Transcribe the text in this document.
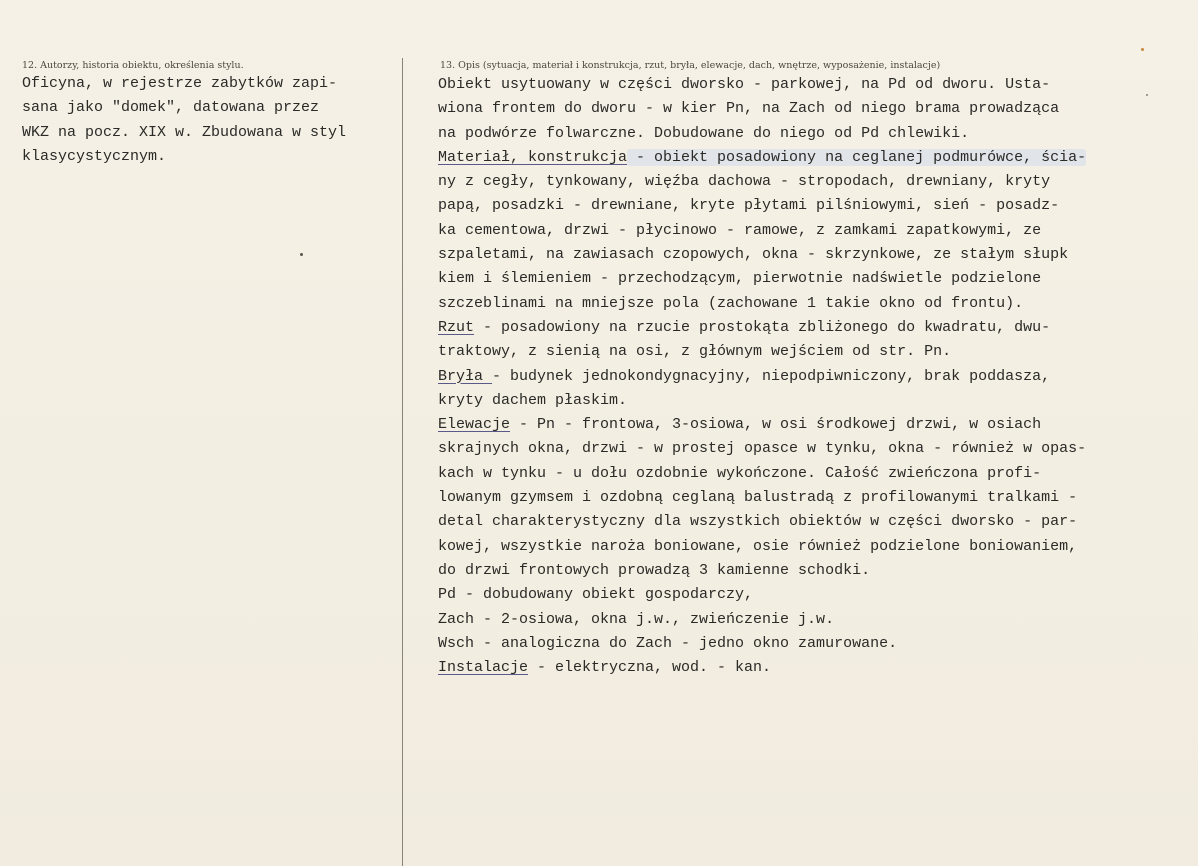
12. Autorzy, historia obiektu, określenia stylu.	13. Opis (sytuacja, materiał i konstrukcja, rzut, bryła, elewacje, dach, wnętrze, wyposażenie, instalacje)
Oficyna, w rejestrze zabytków zapi-
sana jako "domek", datowana przez
WKZ na pocz. XIX w. Zbudowana w styl
klasycystycznym.
Obiekt usytuowany w części dworsko - parkowej, na Pd od dworu. Usta-
wiona frontem do dworu - w kier Pn, na Zach od niego brama prowadząca
na podwórze folwarczne. Dobudowane do niego od Pd chlewiki.
Materiał, konstrukcja - obiekt posadowiony na ceglanej podmurówce, ścia-
ny z cegły, tynkowany, więźba dachowa - stropodach, drewniany, kryty
papą, posadzki - drewniane, kryte płytami pilśniowymi, sień - posadz-
ka cementowa, drzwi - płycinowo - ramowe, z zamkami zapatkowymi, ze
szpaletami, na zawiasach czopowych, okna - skrzynkowe, ze stałym słupk
kiem i ślemieniem - przechodzącym, pierwotnie nadświetle podzielone
szczeblinami na mniejsze pola (zachowane 1 takie okno od frontu).
Rzut - posadowiony na rzucie prostokąta zbliżonego do kwadratu, dwu-
traktowy, z sienią na osi, z głównym wejściem od str. Pn.
Bryła - budynek jednokondygnacyjny, niepodpiwniczony, brak poddasza,
kryty dachem płaskim.
Elewacje - Pn - frontowa, 3-osiowa, w osi środkowej drzwi, w osiach
skrajnych okna, drzwi - w prostej opasce w tynku, okna - również w opas-
kach w tynku - u dołu ozdobnie wykończone. Całość zwieńczona profi-
lowanym gzymsem i ozdobną ceglaną balustradą z profilowanymi tralkami -
detal charakterystyczny dla wszystkich obiektów w części dworsko - par-
kowej, wszystkie naroża boniowane, osie również podzielone boniowaniem,
do drzwi frontowych prowadzą 3 kamienne schodki.
Pd - dobudowany obiekt gospodarczy,
Zach - 2-osiowa, okna j.w., zwieńczenie j.w.
Wsch - analogiczna do Zach - jedno okno zamurowane.
Instalacje - elektryczna, wod. - kan.
